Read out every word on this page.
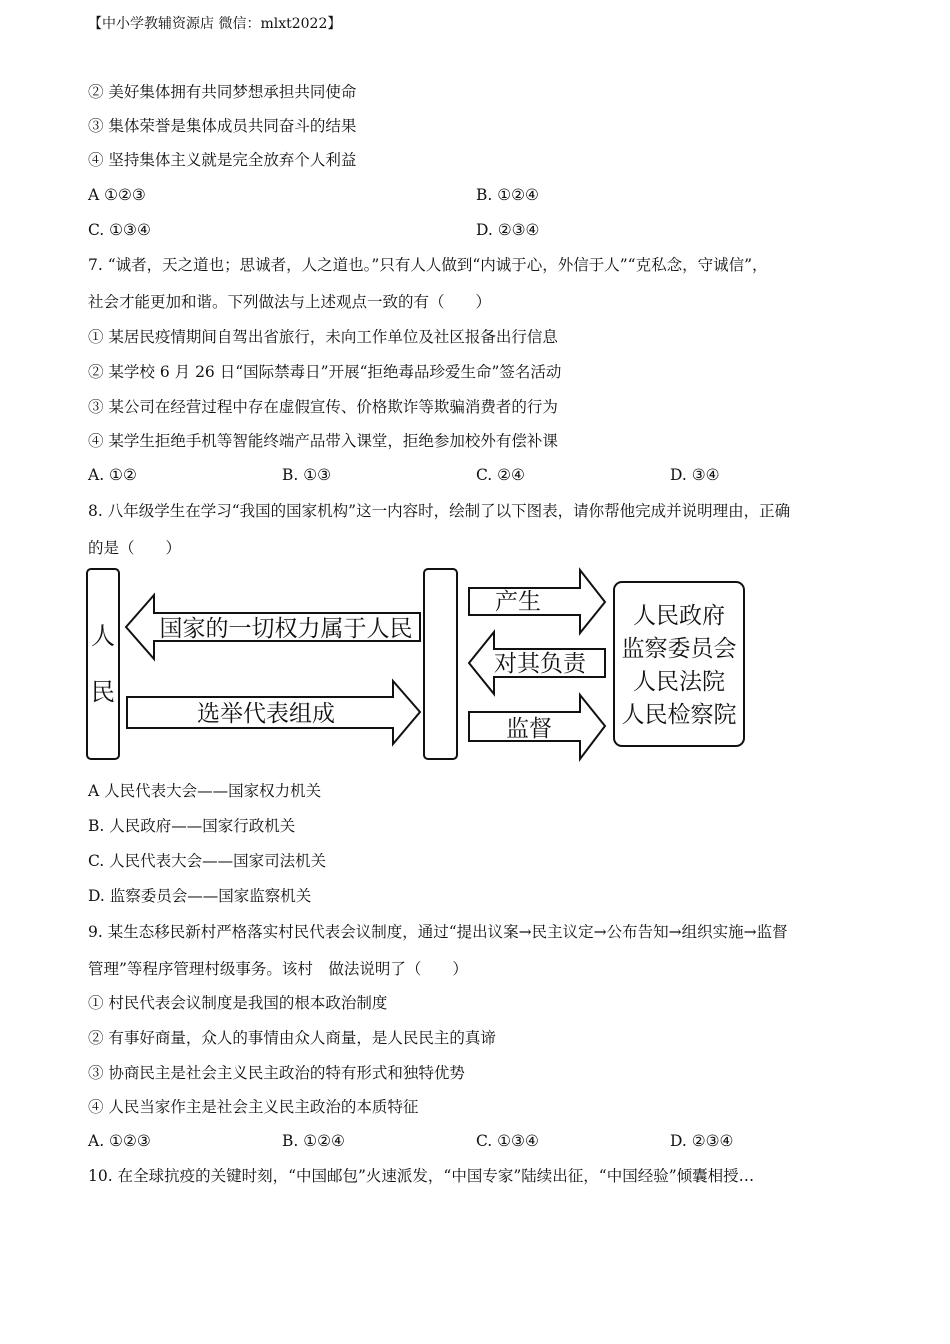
【中小学教辅资源店 微信：mlxt2022】
② 美好集体拥有共同梦想承担共同使命
③ 集体荣誉是集体成员共同奋斗的结果
④ 坚持集体主义就是完全放弃个人利益
A ①②③	B. ①②④
C. ①③④	D. ②③④
7. “诚者，天之道也；思诚者，人之道也。”只有人人做到“内诚于心，外信于人”“克私念，守诚信”，
社会才能更加和谐。下列做法与上述观点一致的有（　　）
① 某居民疫情期间自驾出省旅行，未向工作单位及社区报备出行信息
② 某学校 6 月 26 日“国际禁毒日”开展“拒绝毒品珍爱生命”签名活动
③ 某公司在经营过程中存在虚假宣传、价格欺诈等欺骗消费者的行为
④ 某学生拒绝手机等智能终端产品带入课堂，拒绝参加校外有偿补课
A. ①②	B. ①③	C. ②④	D. ③④
8. 八年级学生在学习“我国的国家机构”这一内容时，绘制了以下图表，请你帮他完成并说明理由，正确
的是（　　）
人
民
国家的一切权力属于人民
选举代表组成
产生
对其负责
监督
人民政府
监察委员会
人民法院
人民检察院
A 人民代表大会——国家权力机关
B. 人民政府——国家行政机关
C. 人民代表大会——国家司法机关
D. 监察委员会——国家监察机关
9. 某生态移民新村严格落实村民代表会议制度，通过“提出议案→民主议定→公布告知→组织实施→监督
管理”等程序管理村级事务。该村　做法说明了（　　）
① 村民代表会议制度是我国的根本政治制度
② 有事好商量，众人的事情由众人商量，是人民民主的真谛
③ 协商民主是社会主义民主政治的特有形式和独特优势
④ 人民当家作主是社会主义民主政治的本质特征
A. ①②③	B. ①②④	C. ①③④	D. ②③④
10. 在全球抗疫的关键时刻，“中国邮包”火速派发，“中国专家”陆续出征，“中国经验”倾囊相授…
